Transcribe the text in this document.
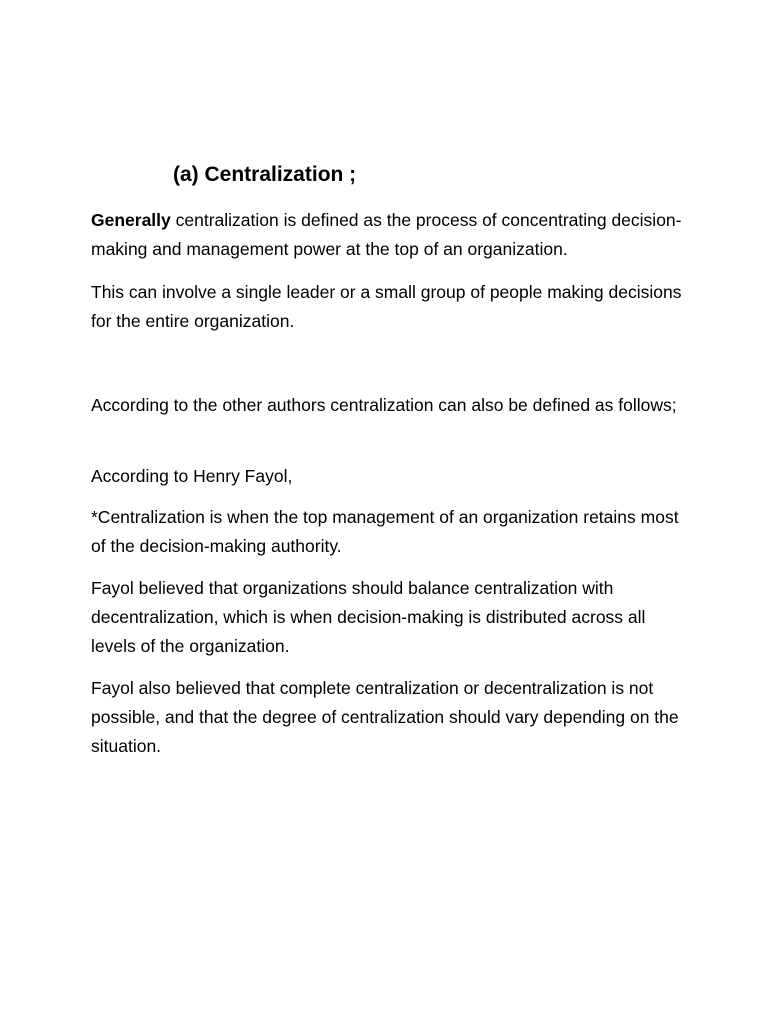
(a) Centralization ;

Generally centralization is defined as the process of concentrating decision-making and management power at the top of an organization.

This can involve a single leader or a small group of people making decisions for the entire organization.

According to the other authors centralization can also be defined as follows;

According to Henry Fayol,

*Centralization is when the top management of an organization retains most of the decision-making authority.

Fayol believed that organizations should balance centralization with decentralization, which is when decision-making is distributed across all levels of the organization.

Fayol also believed that complete centralization or decentralization is not possible, and that the degree of centralization should vary depending on the situation.
